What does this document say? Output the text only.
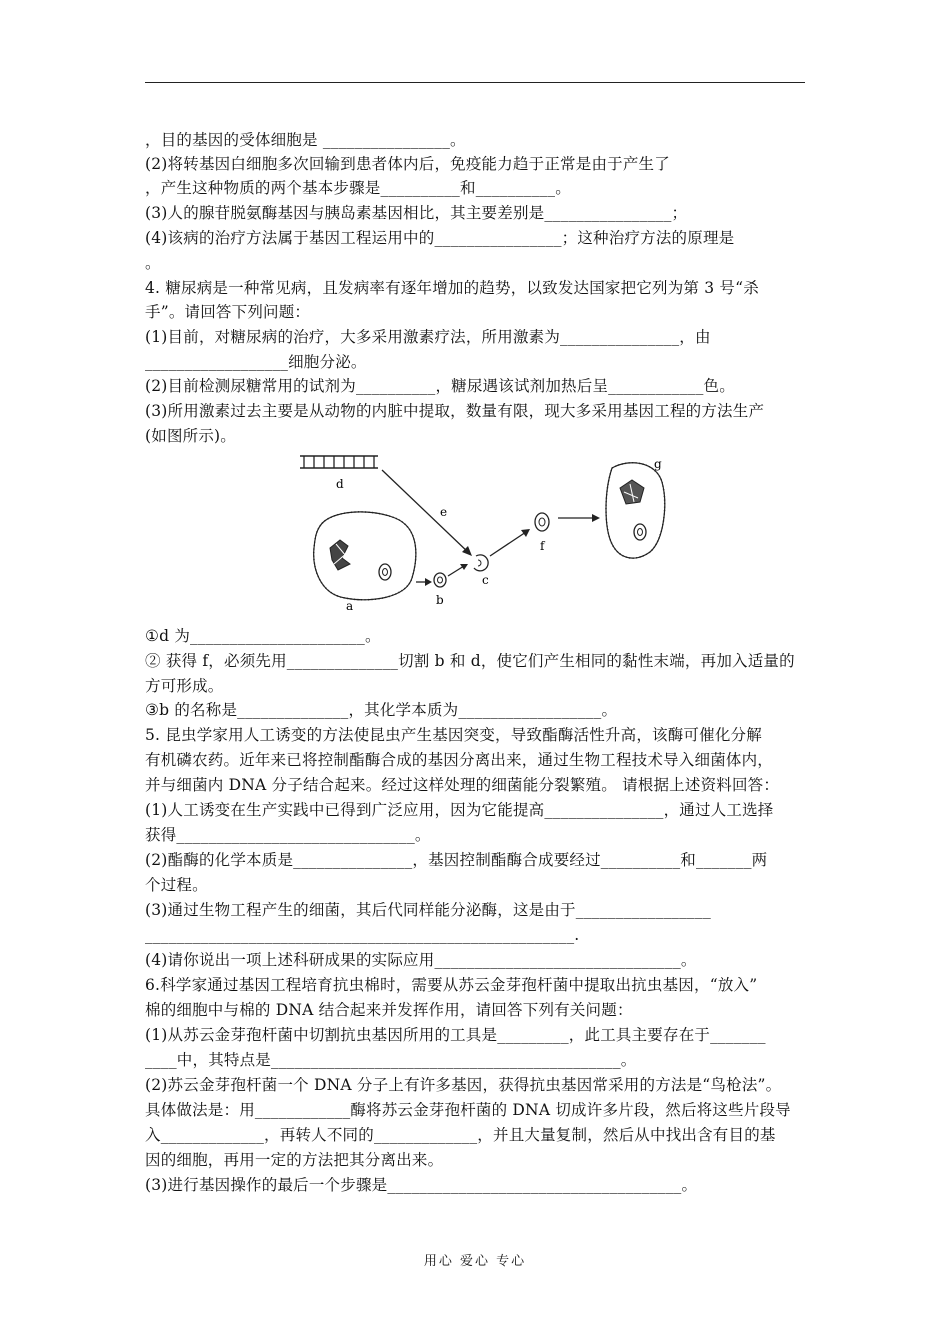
，目的基因的受体细胞是 ________________。
(2)将转基因白细胞多次回输到患者体内后，免疫能力趋于正常是由于产生了
，产生这种物质的两个基本步骤是__________和__________。
(3)人的腺苷脱氨酶基因与胰岛素基因相比，其主要差别是________________；
(4)该病的治疗方法属于基因工程运用中的________________；这种治疗方法的原理是
。
4. 糖尿病是一种常见病，且发病率有逐年增加的趋势，以致发达国家把它列为第 3 号“杀
手”。请回答下列问题：
(1)目前，对糖尿病的治疗，大多采用激素疗法，所用激素为_______________，由
__________________细胞分泌。
(2)目前检测尿糖常用的试剂为__________，糖尿遇该试剂加热后呈____________色。
(3)所用激素过去主要是从动物的内脏中提取，数量有限，现大多采用基因工程的方法生产
(如图所示)。
①d 为______________________。
② 获得 f，必须先用______________切割 b 和 d，使它们产生相同的黏性末端，再加入适量的
方可形成。
③b 的名称是______________，其化学本质为__________________。
5. 昆虫学家用人工诱变的方法使昆虫产生基因突变，导致酯酶活性升高，该酶可催化分解
有机磷农药。近年来已将控制酯酶合成的基因分离出来，通过生物工程技术导入细菌体内，
并与细菌内 DNA 分子结合起来。经过这样处理的细菌能分裂繁殖。 请根据上述资料回答：
(1)人工诱变在生产实践中已得到广泛应用，因为它能提高_______________，通过人工选择
获得______________________________。
(2)酯酶的化学本质是_______________，基因控制酯酶合成要经过__________和_______两
个过程。
(3)通过生物工程产生的细菌，其后代同样能分泌酶，这是由于_________________
______________________________________________________.
(4)请你说出一项上述科研成果的实际应用_______________________________。
6.科学家通过基因工程培育抗虫棉时，需要从苏云金芽孢杆菌中提取出抗虫基因，“放入”
棉的细胞中与棉的 DNA 结合起来并发挥作用，请回答下列有关问题：
(1)从苏云金芽孢杆菌中切割抗虫基因所用的工具是_________，此工具主要存在于_______
____中，其特点是____________________________________________。
(2)苏云金芽孢杆菌一个 DNA 分子上有许多基因，获得抗虫基因常采用的方法是“鸟枪法”。
具体做法是：用____________酶将苏云金芽孢杆菌的 DNA 切成许多片段，然后将这些片段导
入_____________，再转人不同的_____________，并且大量复制，然后从中找出含有目的基
因的细胞，再用一定的方法把其分离出来。
(3)进行基因操作的最后一个步骤是_____________________________________。
d
e
a	b
c
f
g
用心 爱心 专心
